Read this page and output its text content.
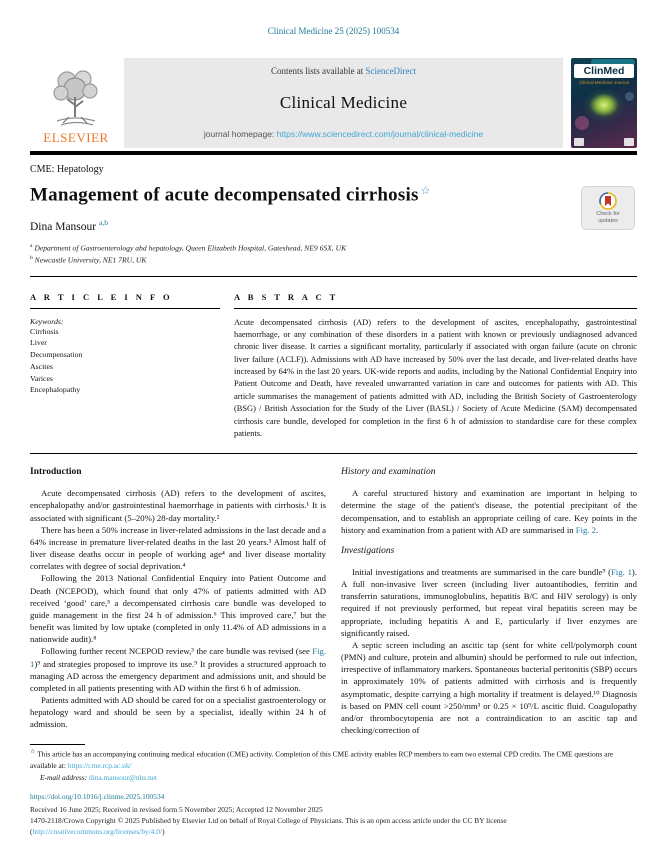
Clinical Medicine 25 (2025) 100534
ELSEVIER
Contents lists available at ScienceDirect
Clinical Medicine
journal homepage: https://www.sciencedirect.com/journal/clinical-medicine
ClinMed
Clinical Medicine Journal
CME: Hepatology
Management of acute decompensated cirrhosis ☆
Check for
updates
Dina Mansour $^{a,b}$
$^a$ Department of Gastroenterology abd hepatology, Queen Elizabeth Hospital, Gateshead, NE9 6SX, UK
$^b$ Newcastle University, NE1 7RU, UK
A R T I C L E I N F O
Keywords:
Cirrhosis
Liver
Decompensation
Ascites
Varices
Encephalopathy
A B S T R A C T
Acute decompensated cirrhosis (AD) refers to the development of ascites, encephalopathy, gastrointestinal haemorrhage, or any combination of these disorders in a patient with known or previously undiagnosed advanced chronic liver disease. It carries a significant mortality, particularly if associated with organ failure (acute on chronic liver failure (ACLF)). Admissions with AD have increased by 50% over the last decade, and liver-related deaths have increased by 64% in the last 20 years. UK-wide reports and audits, including by the National Confidential Enquiry into Patient Outcome and Death, have revealed unwarranted variation in care and outcomes for patients with AD. This article summarises the management of patients admitted with AD, including the British Society of Gastroenterology (BSG) / British Association for the Study of the Liver (BASL) / Society of Acute Medicine (SAM) decompensated cirrhosis care bundle, developed for completion in the first 6 h of admission to standardise care for these complex patients.
Introduction

Acute decompensated cirrhosis (AD) refers to the development of ascites, encephalopathy and/or gastrointestinal haemorrhage in patients with cirrhosis.¹ It is associated with significant (5–20%) 28-day mortality.²

There has been a 50% increase in liver-related admissions in the last decade and a 64% increase in premature liver-related deaths in the last 20 years.³ Almost half of liver disease deaths occur in people of working age⁴ and liver disease mortality correlates with degree of social deprivation.⁴

Following the 2013 National Confidential Enquiry into Patient Outcome and Death (NCEPOD), which found that only 47% of patients admitted with AD received ‘good’ care,⁵ a decompensated cirrhosis care bundle was developed to guide management in the first 24 h of admission.⁶ This improved care,⁷ but the benefit was limited by low uptake (completed in only 11.4% of AD admissions in a nationwide audit).⁸

Following further recent NCEPOD review,³ the care bundle was revised (see Fig. 1)⁹ and strategies proposed to improve its use.⁹ It provides a structured approach to managing AD across the emergency department and admissions unit, and should be completed in all patients presenting with AD within the first 6 h of admission.

Patients admitted with AD should be cared for on a specialist gastroenterology or hepatology ward and should be seen by a specialist, ideally within 24 h of admission.

History and examination

A careful structured history and examination are important in helping to determine the stage of the patient's disease, the potential precipitant of the decompensation, and to establish an appropriate ceiling of care. Key points in the history and examination from a patient with AD are summarised in Fig. 2.

Investigations

Initial investigations and treatments are summarised in the care bundle⁹ (Fig. 1). A full non-invasive liver screen (including liver autoantibodies, ferritin and transferrin saturations, immunoglobulins, hepatitis B/C and HIV serology) is only required if not previously performed, but repeat viral hepatitis screen may be appropriate, including hepatitis A and E, particularly if liver enzymes are significantly raised.

A septic screen including an ascitic tap (sent for white cell/polymorph count (PMN) and culture, protein and albumin) should be performed to rule out infection, irrespective of inflammatory markers. Spontaneous bacterial peritonitis (SBP) occurs in approximately 10% of patients admitted with cirrhosis and is frequently asymptomatic, despite carrying a high mortality if treatment is delayed.¹⁰ Diagnosis is based on PMN cell count >250/mm³ or 0.25 × 10⁹/L ascitic fluid. Coagulopathy and/or thrombocytopenia are not a contraindication to an ascitic tap and checking/correction of

☆ This article has an accompanying continuing medical education (CME) activity. Completion of this CME activity enables RCP members to earn two external CPD credits. The CME questions are available at: https://cme.rcp.ac.uk/
E-mail address: dina.mansour@nhs.net
https://doi.org/10.1016/j.clinme.2025.100534
Received 16 June 2025; Received in revised form 5 November 2025; Accepted 12 November 2025
1470-2118/Crown Copyright © 2025 Published by Elsevier Ltd on behalf of Royal College of Physicians. This is an open access article under the CC BY license
(http://creativecommons.org/licenses/by/4.0/)
